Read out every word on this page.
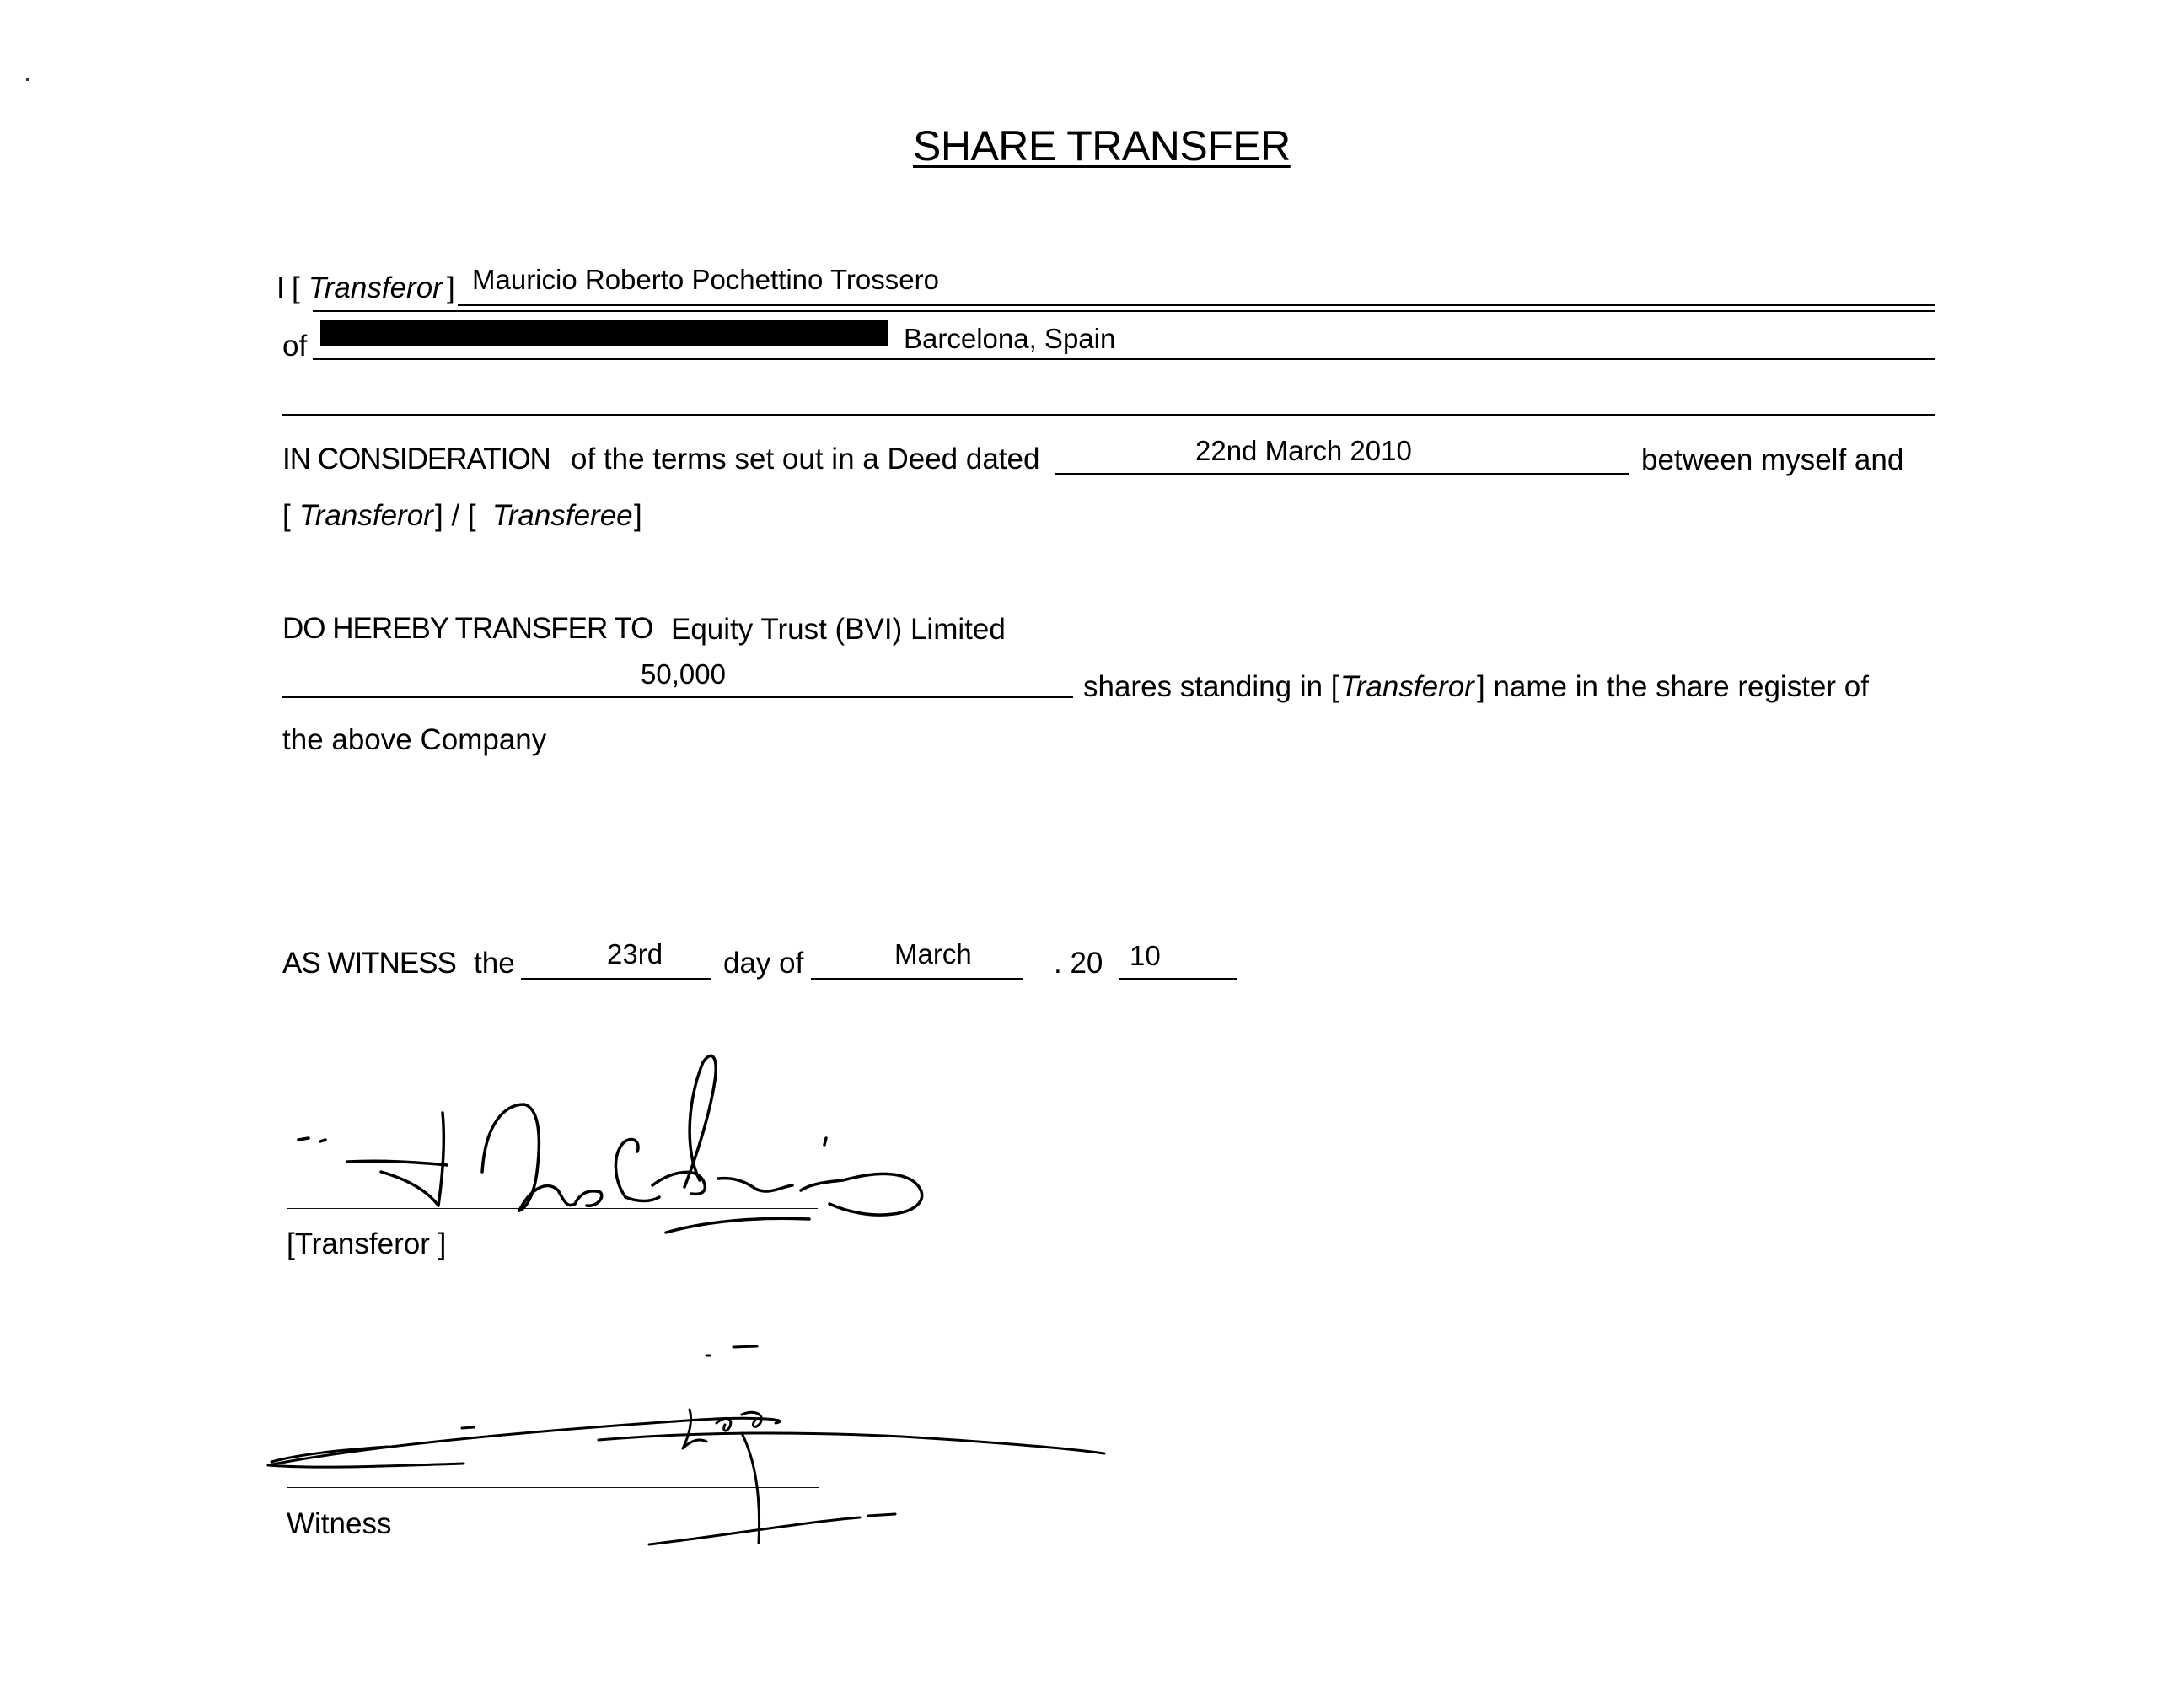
SHARE TRANSFER
I [ Transferor ] Mauricio Roberto Pochettino Trossero
of	Barcelona, Spain
IN CONSIDERATION of the terms set out in a Deed dated	22nd March 2010	between myself and
[ Transferor ] / [ Transferee ]
DO HEREBY TRANSFER TO Equity Trust (BVI) Limited
50,000	shares standing in [ Transferor ] name in the share register of
the above Company
AS WITNESS the	23rd day of	March	. 20 10
[Transferor ]
Witness
